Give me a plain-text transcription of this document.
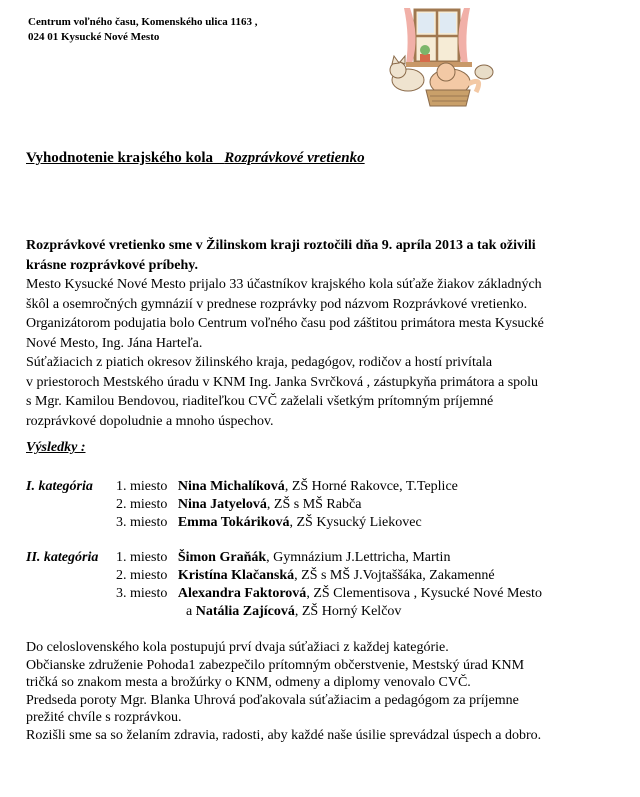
Centrum voľného času, Komenského ulica 1163 ,
024 01 Kysucké Nové Mesto
Vyhodnotenie krajského kola Rozprávkové vretienko
Rozprávkové vretienko sme v Žilinskom kraji roztočili dňa 9. apríla 2013 a tak oživili
krásne rozprávkové príbehy.
Mesto Kysucké Nové Mesto prijalo 33 účastníkov krajského kola súťaže žiakov základných
škôl a osemročných gymnázií v prednese rozprávky pod názvom Rozprávkové vretienko.
Organizátorom podujatia bolo Centrum voľného času pod záštitou primátora mesta Kysucké
Nové Mesto, Ing. Jána Harteľa.
Súťažiacich z piatich okresov žilinského kraja, pedagógov, rodičov a hostí privítala
v priestoroch Mestského úradu v KNM Ing. Janka Svrčková , zástupkyňa primátora a spolu
s Mgr. Kamilou Bendovou, riaditeľkou CVČ zaželali všetkým prítomným príjemné
rozprávkové dopoludnie a mnoho úspechov.
Výsledky :
I. kategória 1. miesto Nina Michalíková, ZŠ Horné Rakovce, T.Teplice
2. miesto Nina Jatyelová, ZŠ s MŠ Rabča
3. miesto Emma Tokáriková, ZŠ Kysucký Liekovec
II. kategória 1. miesto Šimon Graňák, Gymnázium J.Lettricha, Martin
2. miesto Kristína Klačanská, ZŠ s MŠ J.Vojtaššáka, Zakamenné
3. miesto Alexandra Faktorová, ZŠ Clementisova , Kysucké Nové Mesto
a Natália Zajícová, ZŠ Horný Kelčov
Do celoslovenského kola postupujú prví dvaja súťažiaci z každej kategórie.
Občianske združenie Pohoda1 zabezpečilo prítomným občerstvenie, Mestský úrad KNM
tričká so znakom mesta a brožúrky o KNM, odmeny a diplomy venovalo CVČ.
Predseda poroty Mgr. Blanka Uhrová poďakovala súťažiacim a pedagógom za príjemne
prežité chvíle s rozprávkou.
Rozišli sme sa so želaním zdravia, radosti, aby každé naše úsilie sprevádzal úspech a dobro.
